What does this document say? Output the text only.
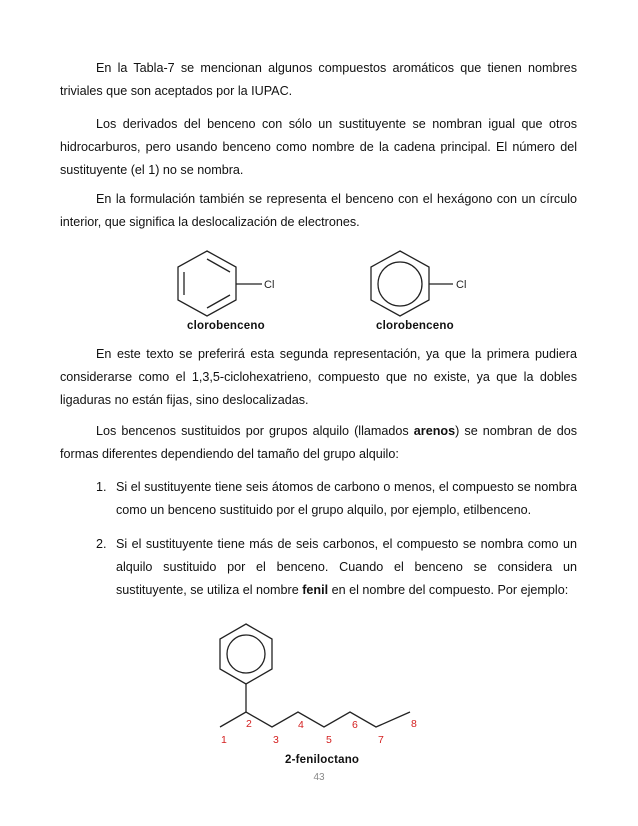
En la Tabla-7 se mencionan algunos compuestos aromáticos que tienen nombres triviales que son aceptados por la IUPAC.

Los derivados del benceno con sólo un sustituyente se nombran igual que otros hidrocarburos, pero usando benceno como nombre de la cadena principal. El número del sustituyente (el 1) no se nombra.

En la formulación también se representa el benceno con el hexágono con un círculo interior, que significa la deslocalización de electrones.

Cl	Cl
clorobenceno	clorobenceno

En este texto se preferirá esta segunda representación, ya que la primera pudiera considerarse como el 1,3,5-ciclohexatrieno, compuesto que no existe, ya que la dobles ligaduras no están fijas, sino deslocalizadas.

Los bencenos sustituidos por grupos alquilo (llamados arenos) se nombran de dos formas diferentes dependiendo del tamaño del grupo alquilo:

1. Si el sustituyente tiene seis átomos de carbono o menos, el compuesto se nombra como un benceno sustituido por el grupo alquilo, por ejemplo, etilbenceno.

2. Si el sustituyente tiene más de seis carbonos, el compuesto se nombra como un alquilo sustituido por el benceno. Cuando el benceno se considera un sustituyente, se utiliza el nombre fenil en el nombre del compuesto. Por ejemplo:

1
2
3
4
5
6
7
8
2-feniloctano
43
